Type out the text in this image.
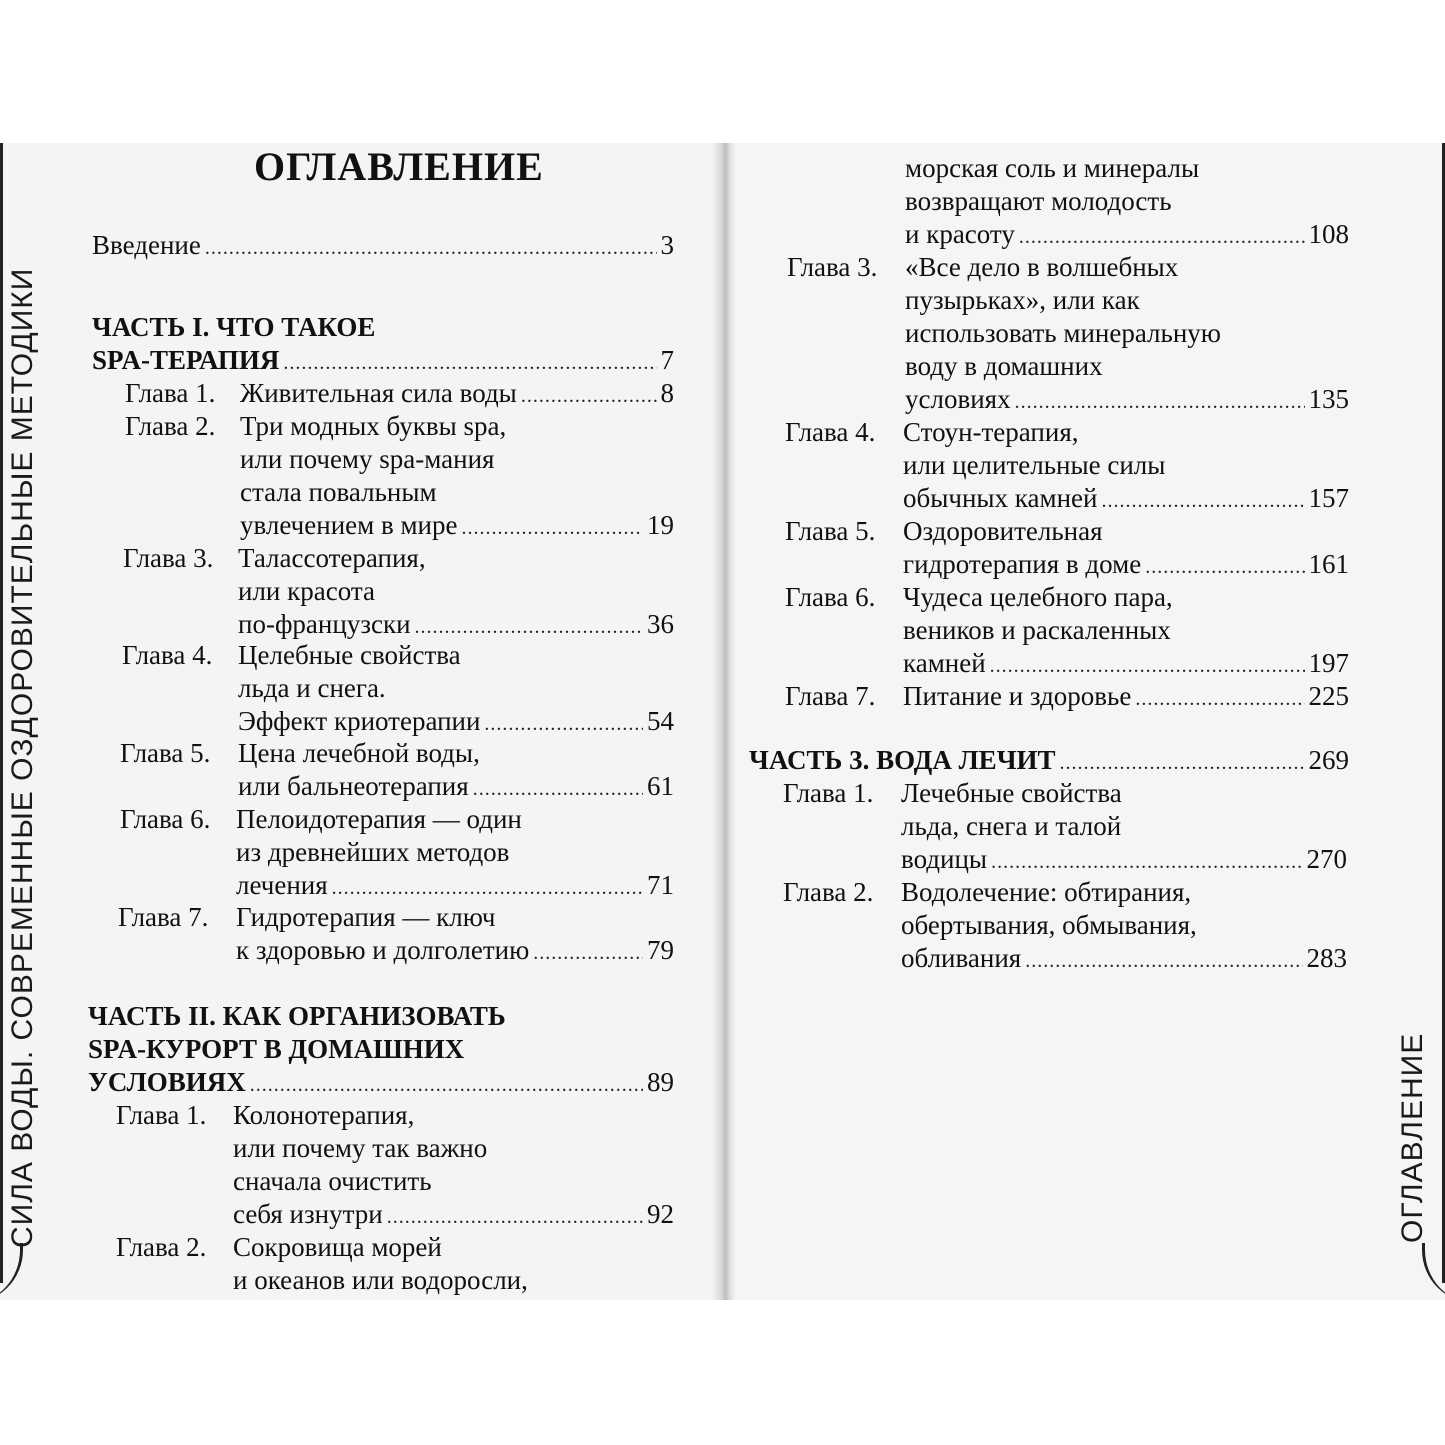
СИЛА ВОДЫ. СОВРЕМЕННЫЕ ОЗДОРОВИТЕЛЬНЫЕ МЕТОДИКИ	ОГЛАВЛЕНИЕ
ОГЛАВЛЕНИЕ
Введение .....	3
ЧАСТЬ I. ЧТО ТАКОЕ
SPA-ТЕРАПИЯ .....	7
Глава 1. Живительная сила воды .....	8
Глава 2. Три модных буквы spa,
или почему spa-мания
стала повальным
увлечением в мире .....	19
Глава 3. Талассотерапия,
или красота
по-французски .....	36
Глава 4. Целебные свойства
льда и снега.
Эффект криотерапии .....	54
Глава 5. Цена лечебной воды,
или бальнеотерапия .....	61
Глава 6. Пелоидотерапия — один
из древнейших методов
лечения .....	71
Глава 7. Гидротерапия — ключ
к здоровью и долголетию .....	79
ЧАСТЬ II. КАК ОРГАНИЗОВАТЬ
SPA-КУРОРТ В ДОМАШНИХ
УСЛОВИЯХ .....	89
Глава 1. Колонотерапия,
или почему так важно
сначала очистить
себя изнутри .....	92
Глава 2. Сокровища морей
и океанов или водоросли,
морская соль и минералы
возвращают молодость
и красоту .....	108
Глава 3. «Все дело в волшебных
пузырьках», или как
использовать минеральную
воду в домашних
условиях .....	135
Глава 4. Стоун-терапия,
или целительные силы
обычных камней .....	157
Глава 5. Оздоровительная
гидротерапия в доме .....	161
Глава 6. Чудеса целебного пара,
веников и раскаленных
камней .....	197
Глава 7. Питание и здоровье .....	225
ЧАСТЬ 3. ВОДА ЛЕЧИТ .....	269
Глава 1. Лечебные свойства
льда, снега и талой
водицы .....	270
Глава 2. Водолечение: обтирания,
обертывания, обмывания,
обливания .....	283
